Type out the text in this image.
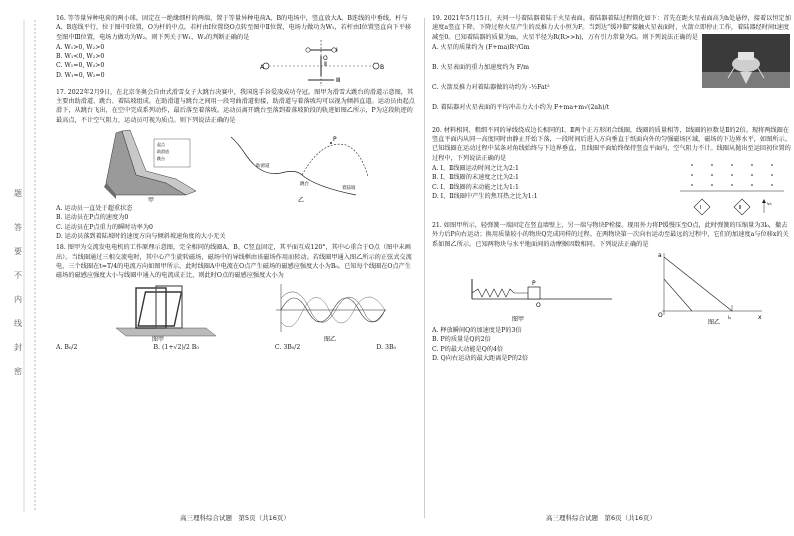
题
答
要
不
内
线
封
密

16. 等等量异种电荷的两小球，固定在一绝缘细杆的两端，置于等量异种电荷A、B的电场中，竖直放大A、B连线的中垂线，杆与A、B连线平行，位于图中Ⅰ位置，O为杆的中点。若杆由Ⅰ位置绕O点转至图中Ⅱ位置，电场力做功为W₁，若杆由Ⅰ位置竖直向下平移至图中Ⅲ位置，电场力做功为W₂。则下列关于W₁、W₂的判断正确的是

A. W₁>0, W₂>0
B. W₁<0, W₂>0
C. W₁=0, W₂>0
D. W₁=0, W₂=0
A	B
Ⅰ
Ⅱ
Ⅲ
O

17. 2022年2月9日，在北京冬奥会自由式滑雪女子大跳台决赛中，我国选手谷爱凌成功夺冠。图甲为滑雪大跳台的滑道示意图，其主要由助滑道、跳台、着陆坡组成。在助滑道与跳台之间用一段弯曲滑道衔接，助滑道与着落坡均可以视为倾斜直道。运动员由起点滑下，从跳台飞出，在空中完成系列动作，最后落至着落坡。运动员离开跳台至落到着落坡阶段的轨迹如图乙所示，P为这段轨迹的最高点，不计空气阻力，运动员可视为质点。则下列说法正确的是

起点
助滑道
跳台
P
助滑道
跳台
着陆坡
甲	乙
A. 运动员一直处于超重状态
B. 运动员在P点的速度为0
C. 运动员在P点重力的瞬时功率为0
D. 运动员落到着陆坡时的速度方向与倾斜坡速角度的大小无关

18. 图甲为交流发电电机的工作原理示意图，完全相同的线圈A、B、C竖直固定，其平面互成120°，其中心重合于O点（图中未画出）。当线圈通过三相交流电时，其中心产生旋转磁场，磁场中的导线框由该磁场作用而转动。若线圈甲通入图乙所示的正弦式交流电，三个线圈在t=T/4的电流方向如图甲所示，此时线圈A中电流在O点产生磁场的磁感应强度大小为B₀。已知每个线圈在O点产生磁场的磁感应强度大小与线圈中通入的电流成正比，则此时O点的磁感应强度大小为

图甲	图乙
A. B₀/2	B. (1+√2)/2 B₀	C. 3B₀/2	D. 3B₀
高三理科综合试题　第5页（共16页）

19. 2021年5月15日，天问一号着陆器着陆于火星表面。着陆器着陆过程简化如下：首先在距火星表面高为h处悬停，接着以恒定加速度a竖直下降，下降过程火星产生的反推力大小恒为F。当到达“缓冲脚”接触火星表面时，火箭立即停止工作，着陆器经时间t速度减至0。已知着陆器的质量为m，火星半径为R(R>>h)，万有引力常量为G。则下列说法正确的是

A. 火星的质量约为 (F+ma)R²/Gm
B. 火星表面的重力加速度约为 F/m
C. 火箭反推力对着陆器做的功约为 -½Fat²
D. 着陆器对火星表面的平均冲击力大小约为 F+ma+m√(2ah)/t

20. 材料相同、粗细不同的导线绕成边长相同的Ⅰ、Ⅱ两个正方形闭合线圈，线圈的质量相等，Ⅰ线圈的匝数是Ⅱ的2倍。现将两线圈在竖直平面内从同一高度同时由静止开始下落，一段时间后进入方向垂直于纸面向外的匀强磁场区域，磁场的下边界水平，如图所示。已知线圈在运动过程中某条对角线始终与下边界垂直，且线圈平面始终保持竖直平面内，空气阻力不计。线圈从抛出至运回初位置的过程中，下列说法正确的是

A. Ⅰ、Ⅱ线圈运动时间之比为2:1
B. Ⅰ、Ⅱ线圈的末速度之比为2:1
C. Ⅰ、Ⅱ线圈的末动能之比为1:1
D. Ⅰ、Ⅱ线圈中产生的焦耳热之比为1:1
Ⅰ	Ⅱ
v₀

21. 如图甲所示，轻弹簧一端固定在竖直墙壁上，另一端与物块P栓接。现用外力将P缓慢压至O点，此时弹簧的压缩量为3l₀，撤去外力后P向右运动；换用质量较小的物块Q完成同样的过程。在两物块第一次向右运动至最远的过程中，它们的加速度a与位移x的关系如图乙所示。已知两物块与水平地面间的动摩擦因数相同。下列说法正确的是

P
O
图甲
a
x
O	l₀
图乙
A. 释放瞬间Q的加速度是P的3倍
B. P的质量是Q的2倍
C. P的最大动能是Q的4倍
D. Q向右运动的最大距离是P的2倍
高三理科综合试题　第6页（共16页）
